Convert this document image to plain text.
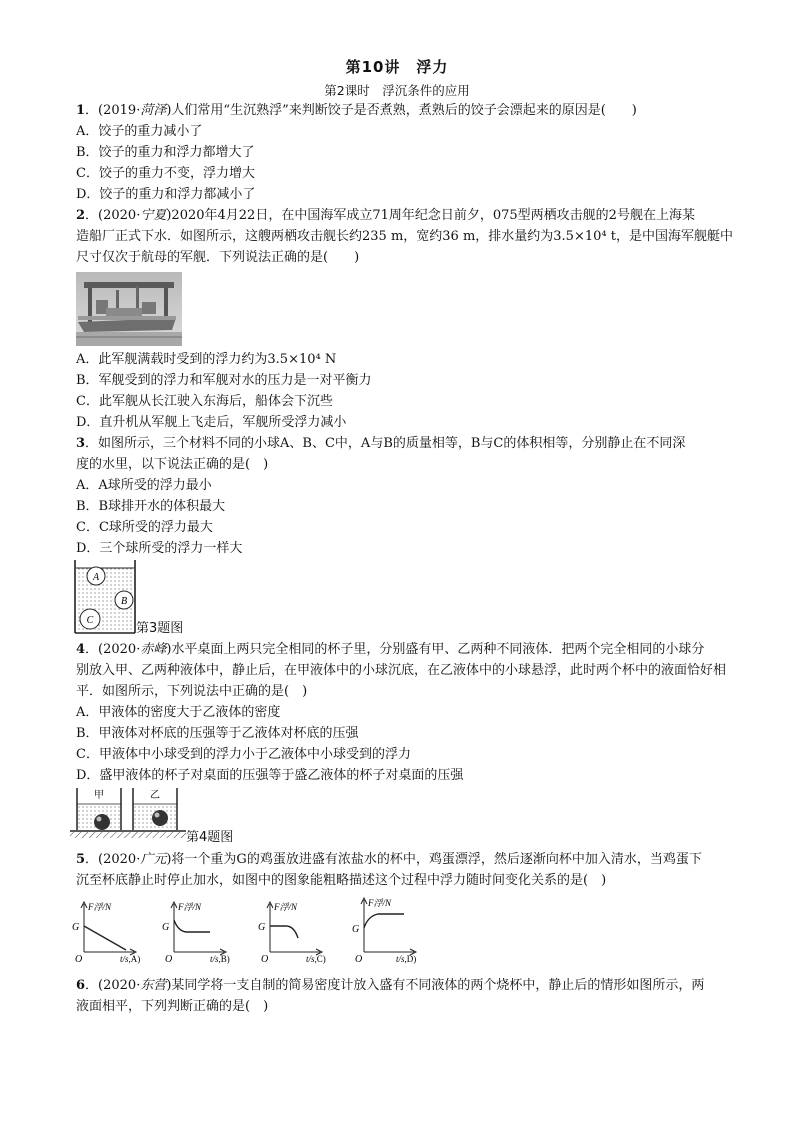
第10讲　浮力
第2课时　浮沉条件的应用
1．(2019·菏泽)人们常用“生沉熟浮”来判断饺子是否煮熟，煮熟后的饺子会漂起来的原因是(　　)
A．饺子的重力减小了
B．饺子的重力和浮力都增大了
C．饺子的重力不变，浮力增大
D．饺子的重力和浮力都减小了
2．(2020·宁夏)2020年4月22日，在中国海军成立71周年纪念日前夕，075型两栖攻击舰的2号舰在上海某
造船厂正式下水．如图所示，这艘两栖攻击舰长约235 m，宽约36 m，排水量约为3.5×10⁴ t，是中国海军舰艇中
尺寸仅次于航母的军舰．下列说法正确的是(　　)
A．此军舰满载时受到的浮力约为3.5×10⁴ N
B．军舰受到的浮力和军舰对水的压力是一对平衡力
C．此军舰从长江驶入东海后，船体会下沉些
D．直升机从军舰上飞走后，军舰所受浮力减小
3．如图所示，三个材料不同的小球A、B、C中，A与B的质量相等，B与C的体积相等，分别静止在不同深
度的水里，以下说法正确的是(　)
A．A球所受的浮力最小
B．B球排开水的体积最大
C．C球所受的浮力最大
D．三个球所受的浮力一样大
A
B
C
第3题图
4．(2020·赤峰)水平桌面上两只完全相同的杯子里，分别盛有甲、乙两种不同液体．把两个完全相同的小球分
别放入甲、乙两种液体中，静止后，在甲液体中的小球沉底，在乙液体中的小球悬浮，此时两个杯中的液面恰好相
平．如图所示，下列说法中正确的是(　)
A．甲液体的密度大于乙液体的密度
B．甲液体对杯底的压强等于乙液体对杯底的压强
C．甲液体中小球受到的浮力小于乙液体中小球受到的浮力
D．盛甲液体的杯子对桌面的压强等于盛乙液体的杯子对桌面的压强
甲	乙
第4题图
5．(2020·广元)将一个重为G的鸡蛋放进盛有浓盐水的杯中，鸡蛋漂浮，然后逐渐向杯中加入清水，当鸡蛋下
沉至杯底静止时停止加水，如图中的图象能粗略描述这个过程中浮力随时间变化关系的是(　)
F浮/N
G
O	t/s,A)
F浮/N
G
O	t/s,B)
F浮/N
G
O	t/s,C)
F浮/N
G
O	t/s,D)
6．(2020·东营)某同学将一支自制的简易密度计放入盛有不同液体的两个烧杯中，静止后的情形如图所示，两
液面相平，下列判断正确的是(　)
